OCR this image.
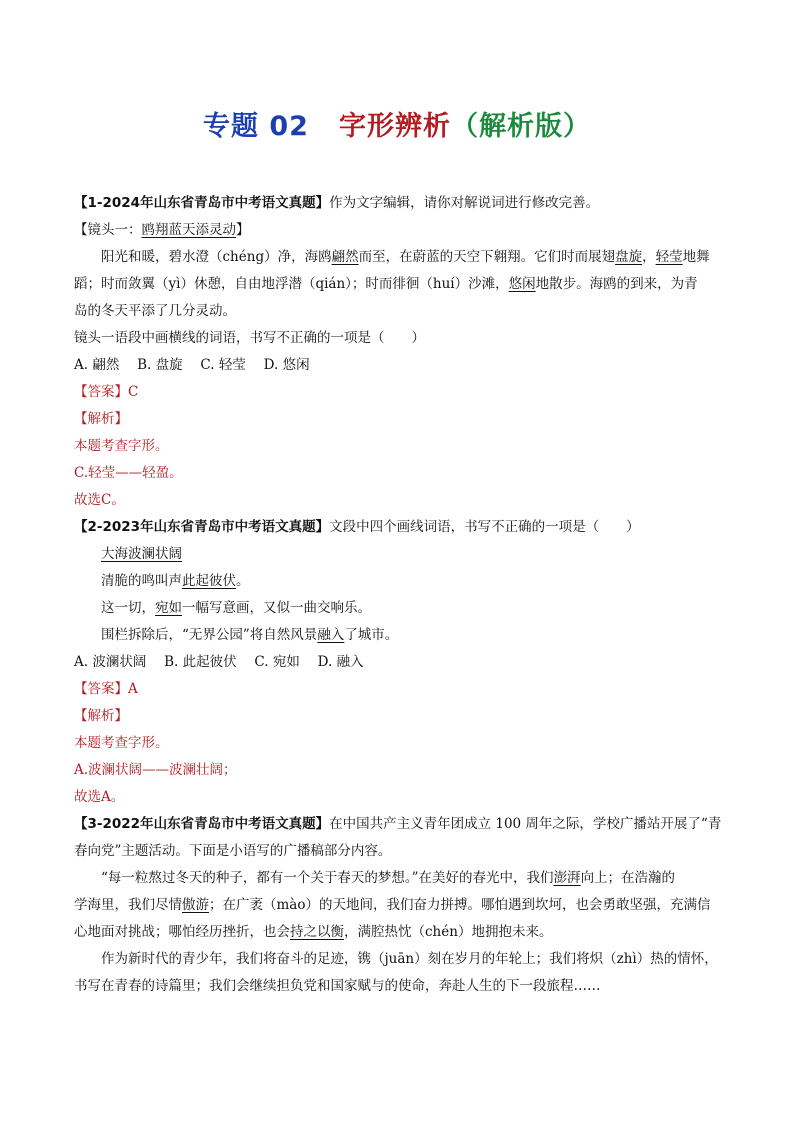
专题 02 字形辨析（解析版）
【1-2024年山东省青岛市中考语文真题】作为文字编辑，请你对解说词进行修改完善。
【镜头一：鸥翔蓝天添灵动】
阳光和暖，碧水澄（chéng）净，海鸥翩然而至，在蔚蓝的天空下翱翔。它们时而展翅盘旋，轻莹地舞
蹈；时而敛翼（yì）休憩，自由地浮潜（qián）；时而徘徊（huí）沙滩，悠闲地散步。海鸥的到来，为青
岛的冬天平添了几分灵动。
镜头一语段中画横线的词语，书写不正确的一项是（　　）
A. 翩然　 B. 盘旋　 C. 轻莹　 D. 悠闲
【答案】C
【解析】
本题考查字形。
C.轻莹——轻盈。
故选C。
【2-2023年山东省青岛市中考语文真题】文段中四个画线词语，书写不正确的一项是（　　）
大海波澜状阔
清脆的鸣叫声此起彼伏。
这一切，宛如一幅写意画，又似一曲交响乐。
围栏拆除后，“无界公园”将自然风景融入了城市。
A. 波澜状阔　 B. 此起彼伏　 C. 宛如　 D. 融入
【答案】A
【解析】
本题考查字形。
A.波澜状阔——波澜壮阔；
故选A。
【3-2022年山东省青岛市中考语文真题】在中国共产主义青年团成立 100 周年之际，学校广播站开展了“青
春向党”主题活动。下面是小语写的广播稿部分内容。
“每一粒熬过冬天的种子，都有一个关于春天的梦想。”在美好的春光中，我们澎湃向上；在浩瀚的
学海里，我们尽情傲游；在广袤（mào）的天地间，我们奋力拼搏。哪怕遇到坎坷，也会勇敢坚强，充满信
心地面对挑战；哪怕经历挫折，也会持之以衡，满腔热忱（chén）地拥抱未来。
作为新时代的青少年，我们将奋斗的足迹，镌（juān）刻在岁月的年轮上；我们将炽（zhì）热的情怀，
书写在青春的诗篇里；我们会继续担负党和国家赋与的使命，奔赴人生的下一段旅程……
